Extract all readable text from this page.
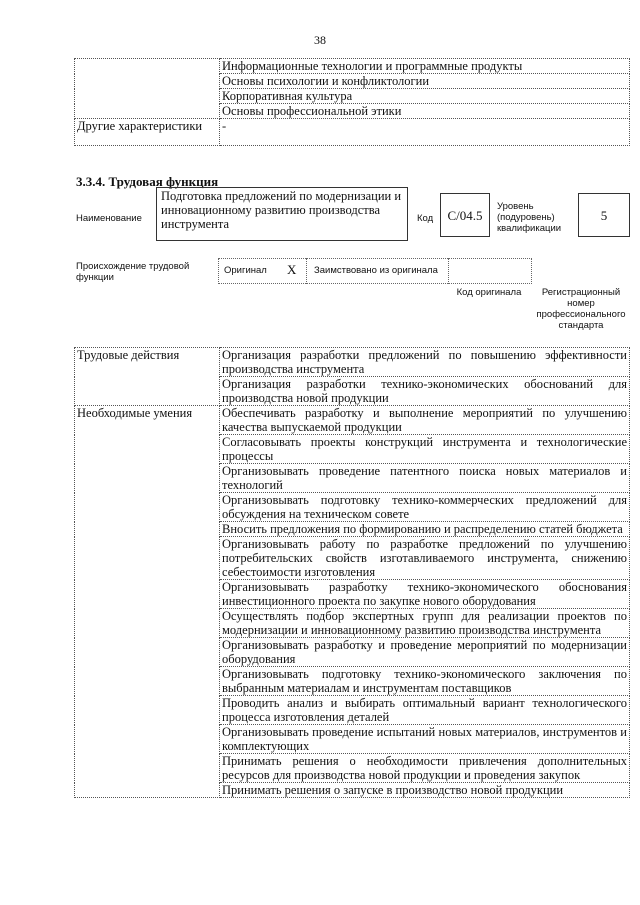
38
	Информационные технологии и программные продукты
	Основы психологии и конфликтологии
	Корпоративная культура
	Основы профессиональной этики
Другие характеристики	-
3.3.4. Трудовая функция
Наименование
Подготовка предложений по модернизации и инновационному развитию производства инструмента	Код	C/04.5
Уровень (подуровень) квалификации
5
Происхождение трудовой функции
Оригинал X Заимствовано из оригинала
Код оригинала	Регистрационный номер профессионального стандарта
Трудовые действия	Организация разработки предложений по повышению эффективности производства инструмента
	Организация разработки технико-экономических обоснований для производства новой продукции
Необходимые умения	Обеспечивать разработку и выполнение мероприятий по улучшению качества выпускаемой продукции
	Согласовывать проекты конструкций инструмента и технологические процессы
	Организовывать проведение патентного поиска новых материалов и технологий
	Организовывать подготовку технико-коммерческих предложений для обсуждения на техническом совете
	Вносить предложения по формированию и распределению статей бюджета
	Организовывать работу по разработке предложений по улучшению потребительских свойств изготавливаемого инструмента, снижению себестоимости изготовления
	Организовывать разработку технико-экономического обоснования инвестиционного проекта по закупке нового оборудования
	Осуществлять подбор экспертных групп для реализации проектов по модернизации и инновационному развитию производства инструмента
	Организовывать разработку и проведение мероприятий по модернизации оборудования
	Организовывать подготовку технико-экономического заключения по выбранным материалам и инструментам поставщиков
	Проводить анализ и выбирать оптимальный вариант технологического процесса изготовления деталей
	Организовывать проведение испытаний новых материалов, инструментов и комплектующих
	Принимать решения о необходимости привлечения дополнительных ресурсов для производства новой продукции и проведения закупок
	Принимать решения о запуске в производство новой продукции
